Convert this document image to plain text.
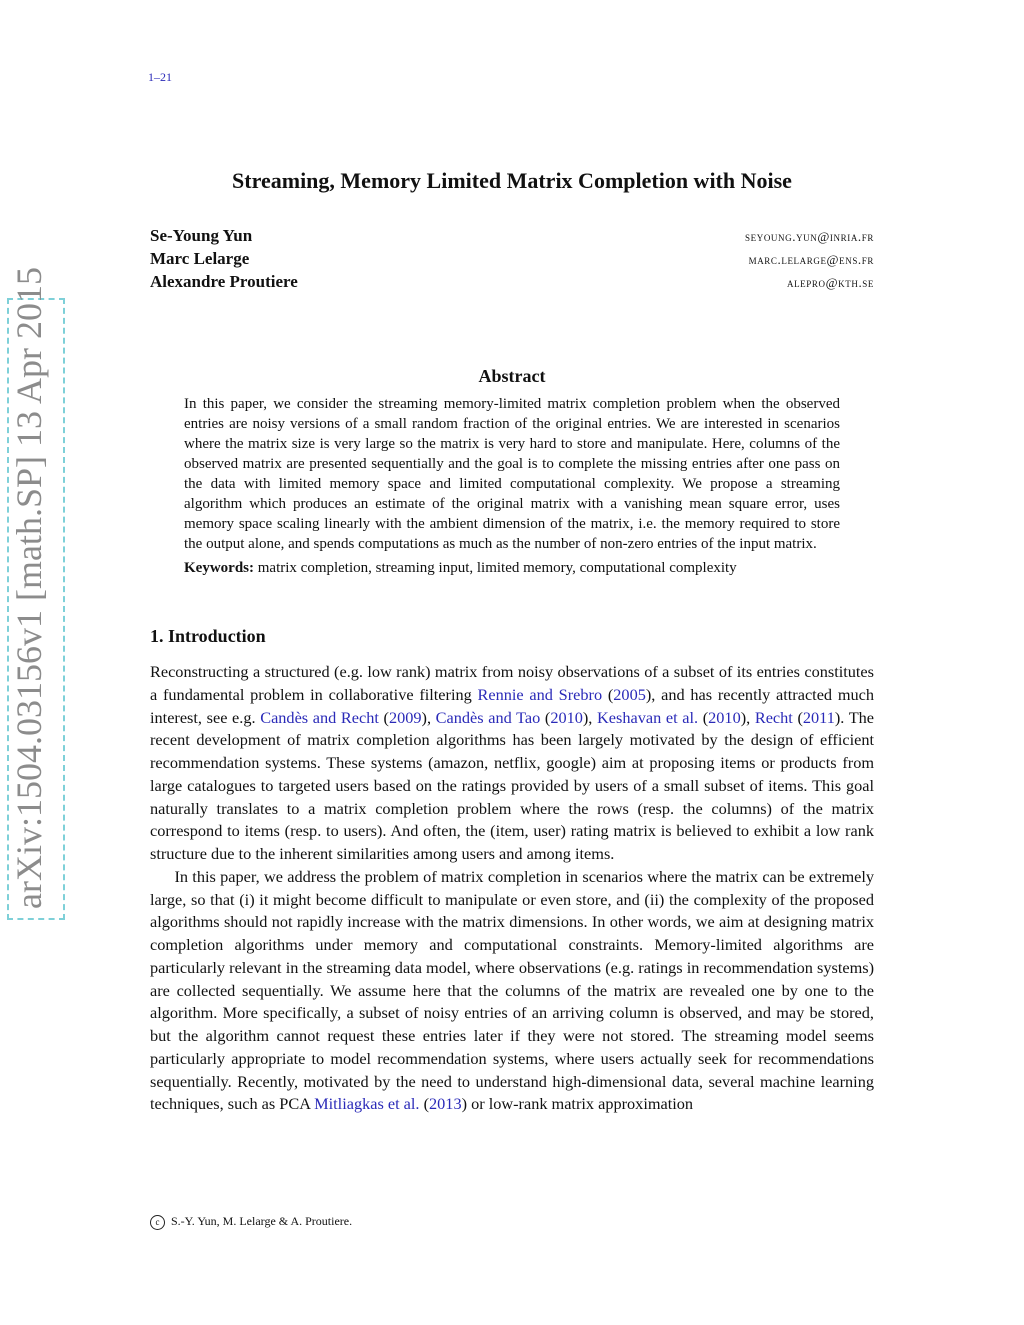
1–21
arXiv:1504.03156v1 [math.SP] 13 Apr 2015
Streaming, Memory Limited Matrix Completion with Noise
Se-Young Yun	seyoung.yun@inria.fr
Marc Lelarge	marc.lelarge@ens.fr
Alexandre Proutiere	alepro@kth.se
Abstract

In this paper, we consider the streaming memory-limited matrix completion problem when the observed entries are noisy versions of a small random fraction of the original entries. We are interested in scenarios where the matrix size is very large so the matrix is very hard to store and manipulate. Here, columns of the observed matrix are presented sequentially and the goal is to complete the missing entries after one pass on the data with limited memory space and limited computational complexity. We propose a streaming algorithm which produces an estimate of the original matrix with a vanishing mean square error, uses memory space scaling linearly with the ambient dimension of the matrix, i.e. the memory required to store the output alone, and spends computations as much as the number of non-zero entries of the input matrix.

Keywords: matrix completion, streaming input, limited memory, computational complexity

1. Introduction

Reconstructing a structured (e.g. low rank) matrix from noisy observations of a subset of its entries constitutes a fundamental problem in collaborative filtering Rennie and Srebro (2005), and has recently attracted much interest, see e.g. Candès and Recht (2009), Candès and Tao (2010), Keshavan et al. (2010), Recht (2011). The recent development of matrix completion algorithms has been largely motivated by the design of efficient recommendation systems. These systems (amazon, netflix, google) aim at proposing items or products from large catalogues to targeted users based on the ratings provided by users of a small subset of items. This goal naturally translates to a matrix completion problem where the rows (resp. the columns) of the matrix correspond to items (resp. to users). And often, the (item, user) rating matrix is believed to exhibit a low rank structure due to the inherent similarities among users and among items.

In this paper, we address the problem of matrix completion in scenarios where the matrix can be extremely large, so that (i) it might become difficult to manipulate or even store, and (ii) the complexity of the proposed algorithms should not rapidly increase with the matrix dimensions. In other words, we aim at designing matrix completion algorithms under memory and computational constraints. Memory-limited algorithms are particularly relevant in the streaming data model, where observations (e.g. ratings in recommendation systems) are collected sequentially. We assume here that the columns of the matrix are revealed one by one to the algorithm. More specifically, a subset of noisy entries of an arriving column is observed, and may be stored, but the algorithm cannot request these entries later if they were not stored. The streaming model seems particularly appropriate to model recommendation systems, where users actually seek for recommendations sequentially. Recently, motivated by the need to understand high-dimensional data, several machine learning techniques, such as PCA Mitliagkas et al. (2013) or low-rank matrix approximation

c S.-Y. Yun, M. Lelarge & A. Proutiere.
